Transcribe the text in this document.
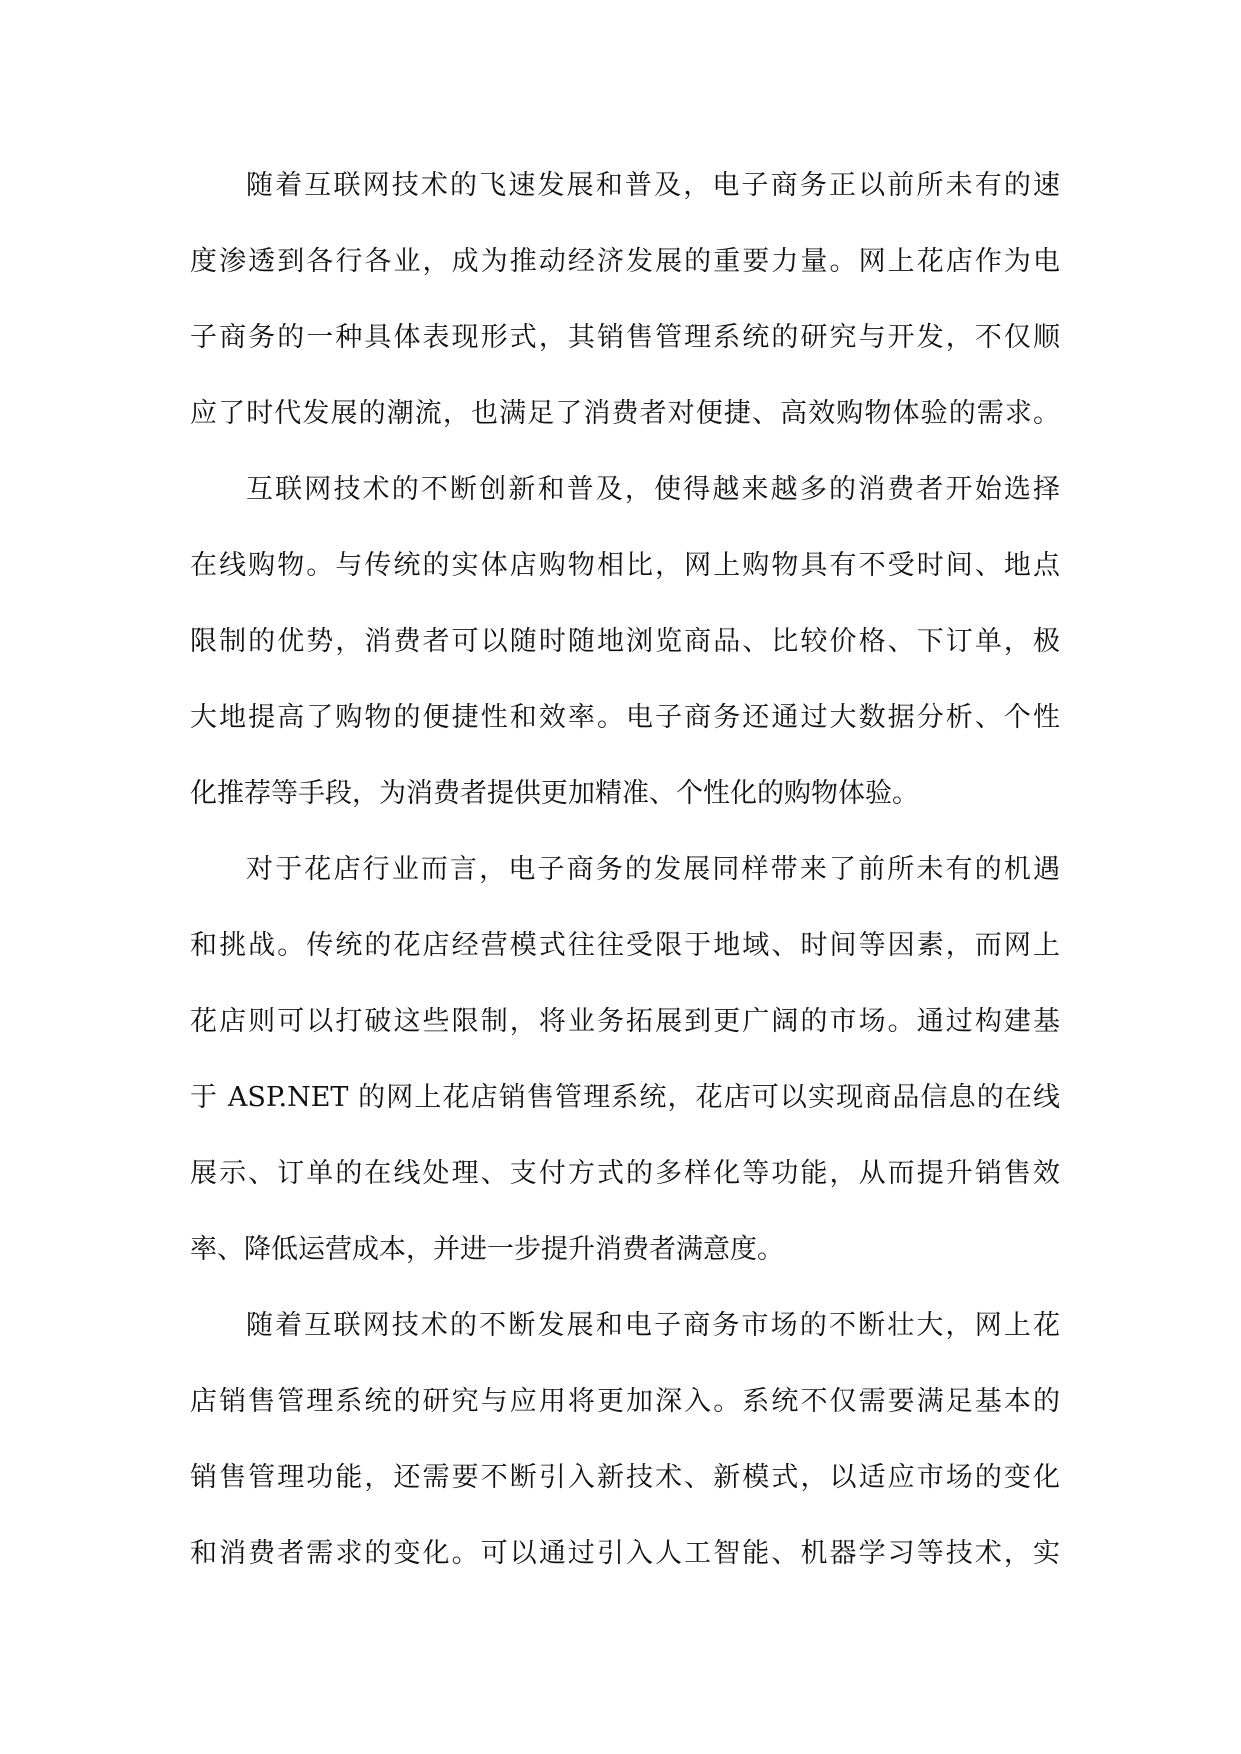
随着互联网技术的飞速发展和普及，电子商务正以前所未有的速
度渗透到各行各业，成为推动经济发展的重要力量。网上花店作为电
子商务的一种具体表现形式，其销售管理系统的研究与开发，不仅顺
应了时代发展的潮流，也满足了消费者对便捷、高效购物体验的需求。

互联网技术的不断创新和普及，使得越来越多的消费者开始选择
在线购物。与传统的实体店购物相比，网上购物具有不受时间、地点
限制的优势，消费者可以随时随地浏览商品、比较价格、下订单，极
大地提高了购物的便捷性和效率。电子商务还通过大数据分析、个性
化推荐等手段，为消费者提供更加精准、个性化的购物体验。

对于花店行业而言，电子商务的发展同样带来了前所未有的机遇
和挑战。传统的花店经营模式往往受限于地域、时间等因素，而网上
花店则可以打破这些限制，将业务拓展到更广阔的市场。通过构建基
于 ASP.NET 的网上花店销售管理系统，花店可以实现商品信息的在线
展示、订单的在线处理、支付方式的多样化等功能，从而提升销售效
率、降低运营成本，并进一步提升消费者满意度。

随着互联网技术的不断发展和电子商务市场的不断壮大，网上花
店销售管理系统的研究与应用将更加深入。系统不仅需要满足基本的
销售管理功能，还需要不断引入新技术、新模式，以适应市场的变化
和消费者需求的变化。可以通过引入人工智能、机器学习等技术，实
